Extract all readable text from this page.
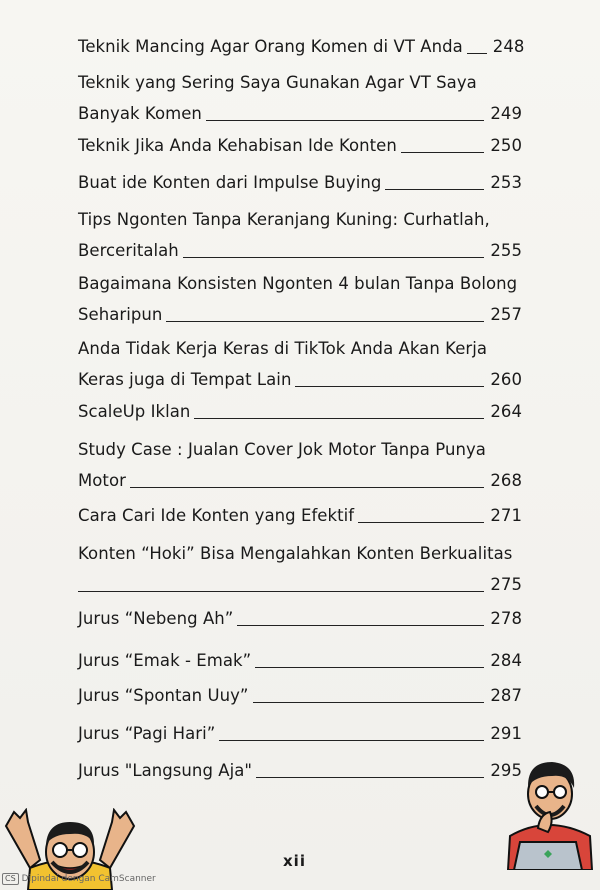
Teknik Mancing Agar Orang Komen di VT Anda 248
Teknik yang Sering Saya Gunakan Agar VT Saya
Banyak Komen	249
Teknik Jika Anda Kehabisan Ide Konten	250
Buat ide Konten dari Impulse Buying	253
Tips Ngonten Tanpa Keranjang Kuning: Curhatlah,
Berceritalah	255
Bagaimana Konsisten Ngonten 4 bulan Tanpa Bolong
Seharipun	257
Anda Tidak Kerja Keras di TikTok Anda Akan Kerja
Keras juga di Tempat Lain	260
ScaleUp Iklan	264
Study Case : Jualan Cover Jok Motor Tanpa Punya
Motor	268
Cara Cari Ide Konten yang Efektif	271
Konten “Hoki” Bisa Mengalahkan Konten Berkualitas
275
Jurus “Nebeng Ah”	278
Jurus “Emak - Emak”	284
Jurus “Spontan Uuy”	287
Jurus “Pagi Hari”	291
Jurus "Langsung Aja"	295
xii
CS Dipindai dengan CamScanner
